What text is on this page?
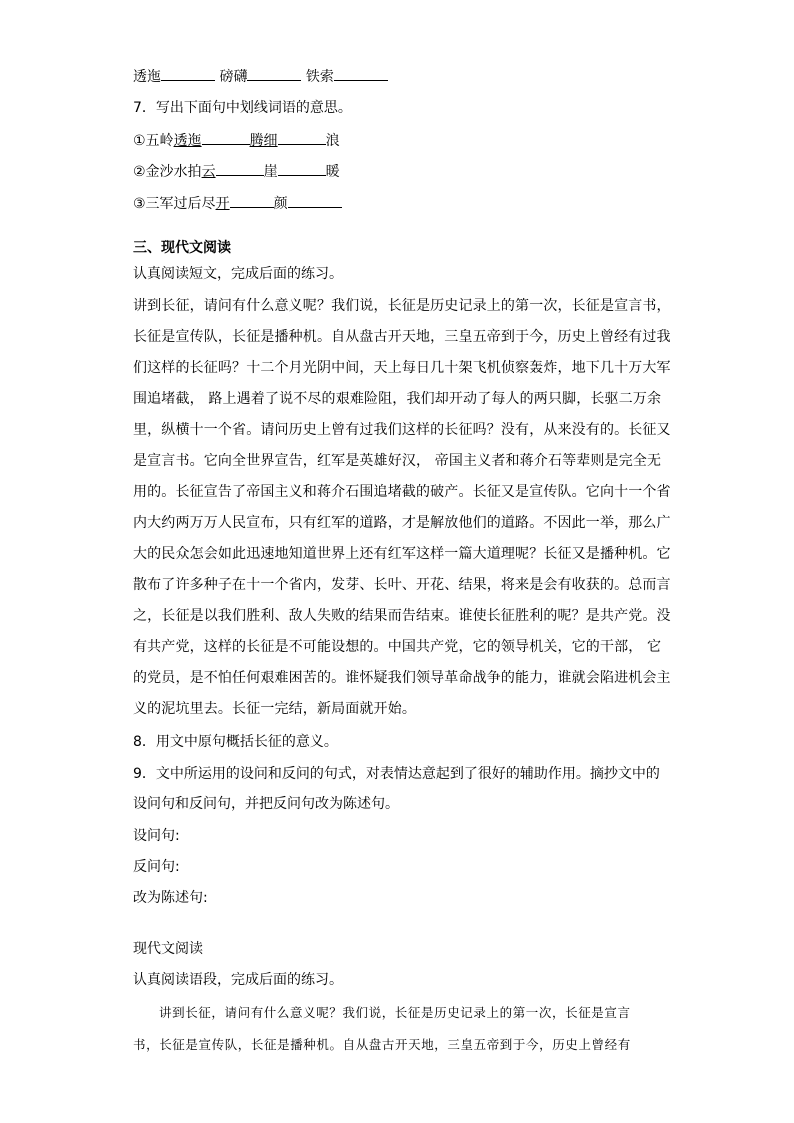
透迤	磅礴	铁索
7．写出下面句中划线词语的意思。
①五岭透迤	腾细	浪
②金沙水拍云	崖	暖
③三军过后尽开	颜
三、现代文阅读
认真阅读短文，完成后面的练习。
讲到长征，请问有什么意义呢？我们说，长征是历史记录上的第一次，长征是宣言书，
长征是宣传队，长征是播种机。自从盘古开天地，三皇五帝到于今，历史上曾经有过我
们这样的长征吗？十二个月光阴中间，天上每日几十架飞机侦察轰炸，地下几十万大军
围追堵截， 路上遇着了说不尽的艰难险阻，我们却开动了每人的两只脚，长驱二万余
里，纵横十一个省。请问历史上曾有过我们这样的长征吗？没有，从来没有的。长征又
是宣言书。它向全世界宣告，红军是英雄好汉， 帝国主义者和蒋介石等辈则是完全无
用的。长征宣告了帝国主义和蒋介石围追堵截的破产。长征又是宣传队。它向十一个省
内大约两万万人民宣布，只有红军的道路，才是解放他们的道路。不因此一举，那么广
大的民众怎会如此迅速地知道世界上还有红军这样一篇大道理呢？长征又是播种机。它
散布了许多种子在十一个省内，发芽、长叶、开花、结果，将来是会有收获的。总而言
之，长征是以我们胜利、敌人失败的结果而告结束。谁使长征胜利的呢？是共产党。没
有共产党，这样的长征是不可能设想的。中国共产党，它的领导机关，它的干部， 它
的党员，是不怕任何艰难困苦的。谁怀疑我们领导革命战争的能力，谁就会陷进机会主
义的泥坑里去。长征一完结，新局面就开始。
8．用文中原句概括长征的意义。
9．文中所运用的设问和反问的句式，对表情达意起到了很好的辅助作用。摘抄文中的
设问句和反问句，并把反问句改为陈述句。
设问句:
反问句:
改为陈述句:
现代文阅读
认真阅读语段，完成后面的练习。
讲到长征，请问有什么意义呢？我们说，长征是历史记录上的第一次，长征是宣言
书，长征是宣传队，长征是播种机。自从盘古开天地，三皇五帝到于今，历史上曾经有
